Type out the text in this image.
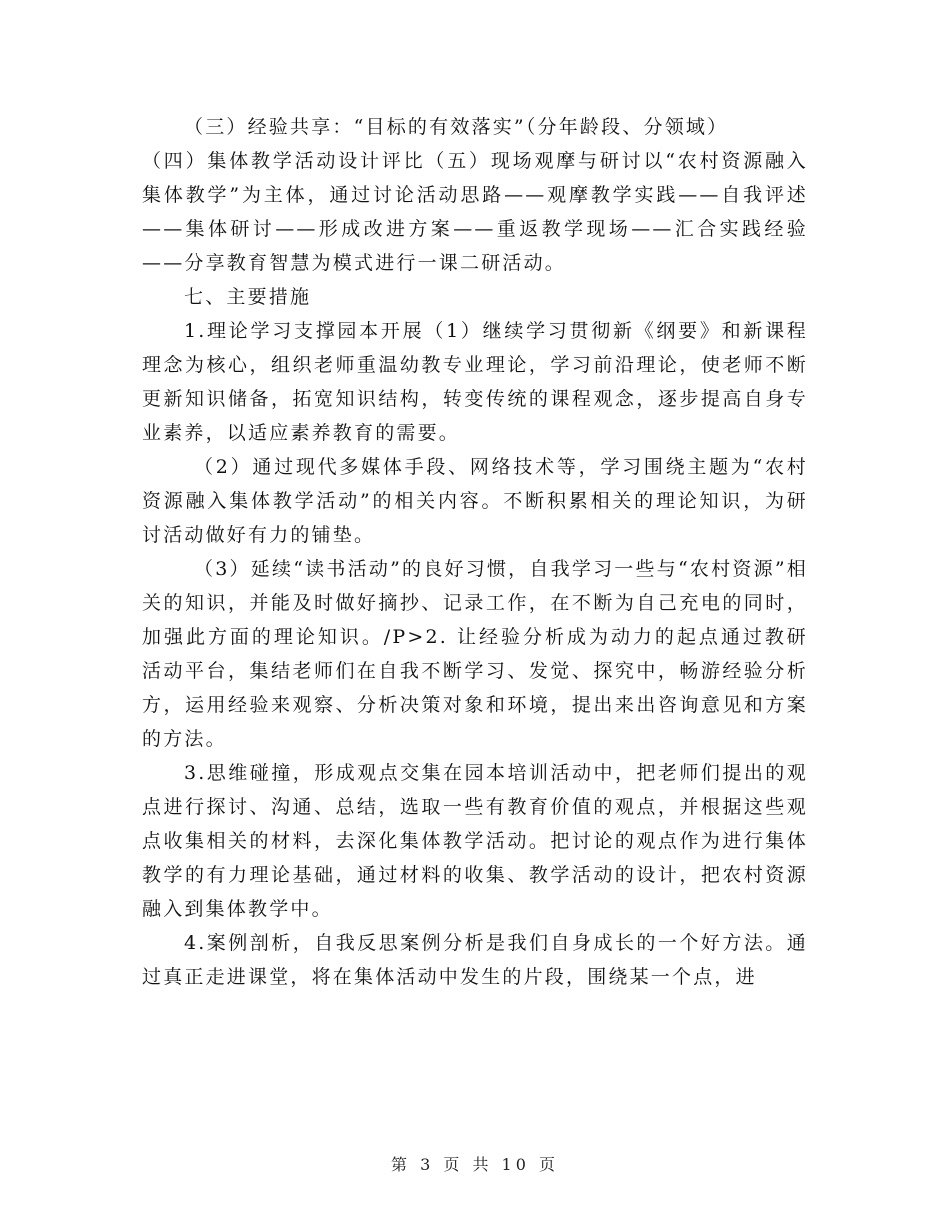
（三）经验共享：“目标的有效落实”（分年龄段、分领域）

（四）集体教学活动设计评比（五）现场观摩与研讨以“农村资源融入集体教学”为主体，通过讨论活动思路——观摩教学实践——自我评述——集体研讨——形成改进方案——重返教学现场——汇合实践经验——分享教育智慧为模式进行一课二研活动。

七、主要措施

1.理论学习支撑园本开展（1）继续学习贯彻新《纲要》和新课程理念为核心，组织老师重温幼教专业理论，学习前沿理论，使老师不断更新知识储备，拓宽知识结构，转变传统的课程观念，逐步提高自身专业素养，以适应素养教育的需要。

（2）通过现代多媒体手段、网络技术等，学习围绕主题为“农村资源融入集体教学活动”的相关内容。不断积累相关的理论知识，为研讨活动做好有力的铺垫。

（3）延续“读书活动”的良好习惯，自我学习一些与“农村资源”相关的知识，并能及时做好摘抄、记录工作，在不断为自己充电的同时，加强此方面的理论知识。/P>2. 让经验分析成为动力的起点通过教研活动平台，集结老师们在自我不断学习、发觉、探究中，畅游经验分析方，运用经验来观察、分析决策对象和环境，提出来出咨询意见和方案的方法。

3.思维碰撞，形成观点交集在园本培训活动中，把老师们提出的观点进行探讨、沟通、总结，选取一些有教育价值的观点，并根据这些观点收集相关的材料，去深化集体教学活动。把讨论的观点作为进行集体教学的有力理论基础，通过材料的收集、教学活动的设计，把农村资源融入到集体教学中。

4.案例剖析，自我反思案例分析是我们自身成长的一个好方法。通过真正走进课堂，将在集体活动中发生的片段，围绕某一个点，进

第 3 页 共 10 页
